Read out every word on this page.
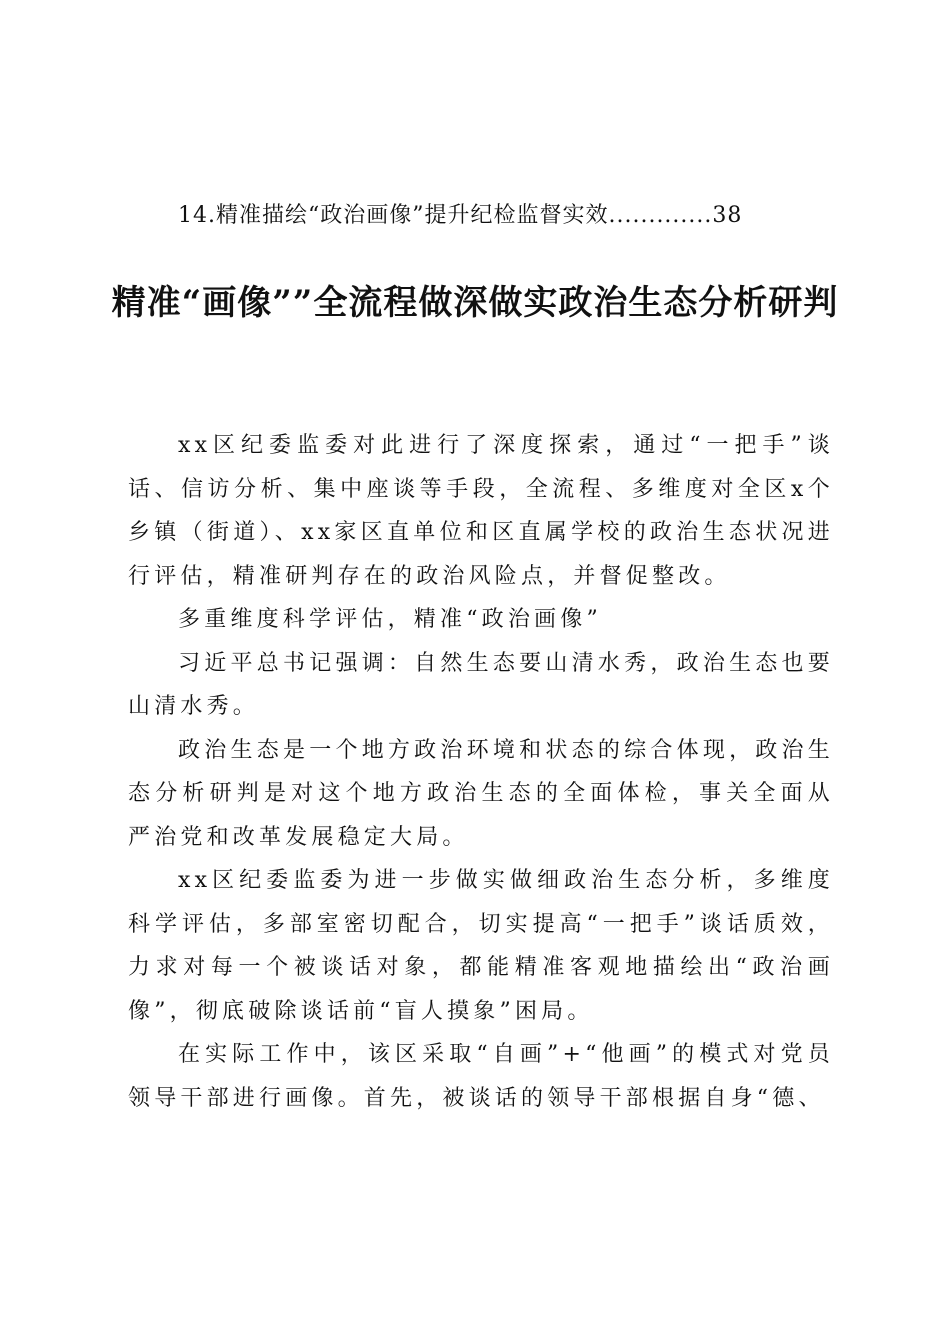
14.精准描绘“政治画像”提升纪检监督实效.............38
精准“画像””全流程做深做实政治生态分析研判

xx区纪委监委对此进行了深度探索，通过“一把手”谈话、信访分析、集中座谈等手段，全流程、多维度对全区x个乡镇（街道）、xx家区直单位和区直属学校的政治生态状况进行评估，精准研判存在的政治风险点，并督促整改。

多重维度科学评估，精准“政治画像”

习近平总书记强调：自然生态要山清水秀，政治生态也要山清水秀。

政治生态是一个地方政治环境和状态的综合体现，政治生态分析研判是对这个地方政治生态的全面体检，事关全面从严治党和改革发展稳定大局。

xx区纪委监委为进一步做实做细政治生态分析，多维度科学评估，多部室密切配合，切实提高“一把手”谈话质效，力求对每一个被谈话对象，都能精准客观地描绘出“政治画像”，彻底破除谈话前“盲人摸象”困局。

在实际工作中，该区采取“自画”+“他画”的模式对党员领导干部进行画像。首先，被谈话的领导干部根据自身“德、
